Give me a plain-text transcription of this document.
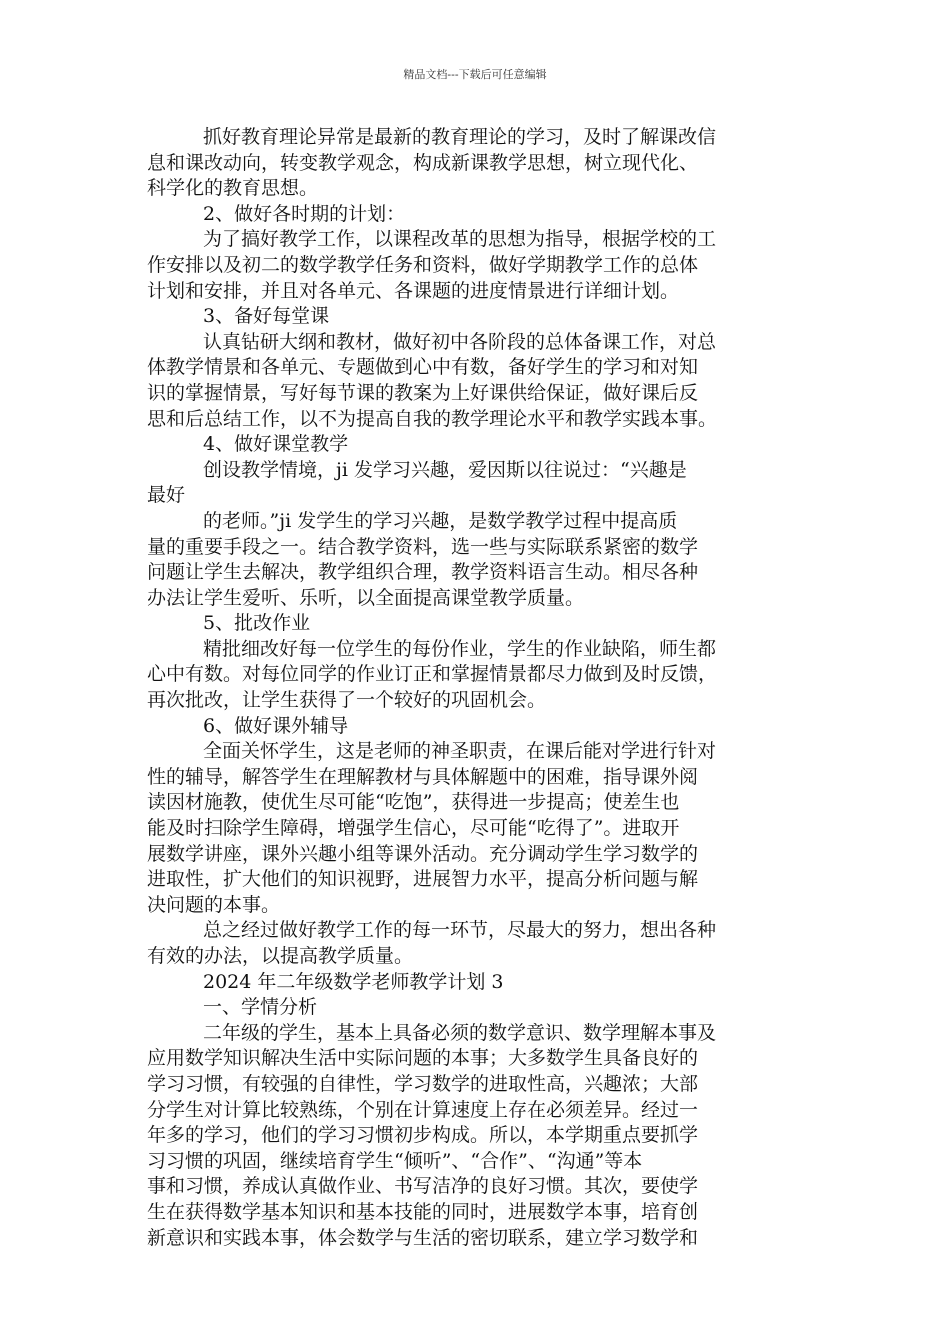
精品文档---下载后可任意编辑

抓好教育理论异常是最新的教育理论的学习，及时了解课改信

息和课改动向，转变教学观念，构成新课教学思想，树立现代化、

科学化的教育思想。

2、做好各时期的计划：

为了搞好教学工作，以课程改革的思想为指导，根据学校的工

作安排以及初二的数学教学任务和资料，做好学期教学工作的总体

计划和安排，并且对各单元、各课题的进度情景进行详细计划。

3、备好每堂课

认真钻研大纲和教材，做好初中各阶段的总体备课工作，对总

体教学情景和各单元、专题做到心中有数，备好学生的学习和对知

识的掌握情景，写好每节课的教案为上好课供给保证，做好课后反

思和后总结工作，以不为提高自我的教学理论水平和教学实践本事。

4、做好课堂教学

创设教学情境，ji 发学习兴趣，爱因斯以往说过：“兴趣是

最好

的老师。”ji 发学生的学习兴趣，是数学教学过程中提高质

量的重要手段之一。结合教学资料，选一些与实际联系紧密的数学

问题让学生去解决，教学组织合理，教学资料语言生动。相尽各种

办法让学生爱听、乐听，以全面提高课堂教学质量。

5、批改作业

精批细改好每一位学生的每份作业，学生的作业缺陷，师生都

心中有数。对每位同学的作业订正和掌握情景都尽力做到及时反馈，

再次批改，让学生获得了一个较好的巩固机会。

6、做好课外辅导

全面关怀学生，这是老师的神圣职责，在课后能对学进行针对

性的辅导，解答学生在理解教材与具体解题中的困难，指导课外阅

读因材施教，使优生尽可能“吃饱”，获得进一步提高；使差生也

能及时扫除学生障碍，增强学生信心，尽可能“吃得了”。进取开

展数学讲座，课外兴趣小组等课外活动。充分调动学生学习数学的

进取性，扩大他们的知识视野，进展智力水平，提高分析问题与解

决问题的本事。

总之经过做好教学工作的每一环节，尽最大的努力，想出各种

有效的办法，以提高教学质量。

2024 年二年级数学老师教学计划 3

一、学情分析

二年级的学生，基本上具备必须的数学意识、数学理解本事及

应用数学知识解决生活中实际问题的本事；大多数学生具备良好的

学习习惯，有较强的自律性，学习数学的进取性高，兴趣浓；大部

分学生对计算比较熟练，个别在计算速度上存在必须差异。经过一

年多的学习，他们的学习习惯初步构成。所以，本学期重点要抓学

习习惯的巩固，继续培育学生“倾听”、“合作”、“沟通”等本

事和习惯，养成认真做作业、书写洁净的良好习惯。其次，要使学

生在获得数学基本知识和基本技能的同时，进展数学本事，培育创

新意识和实践本事，体会数学与生活的密切联系，建立学习数学和
